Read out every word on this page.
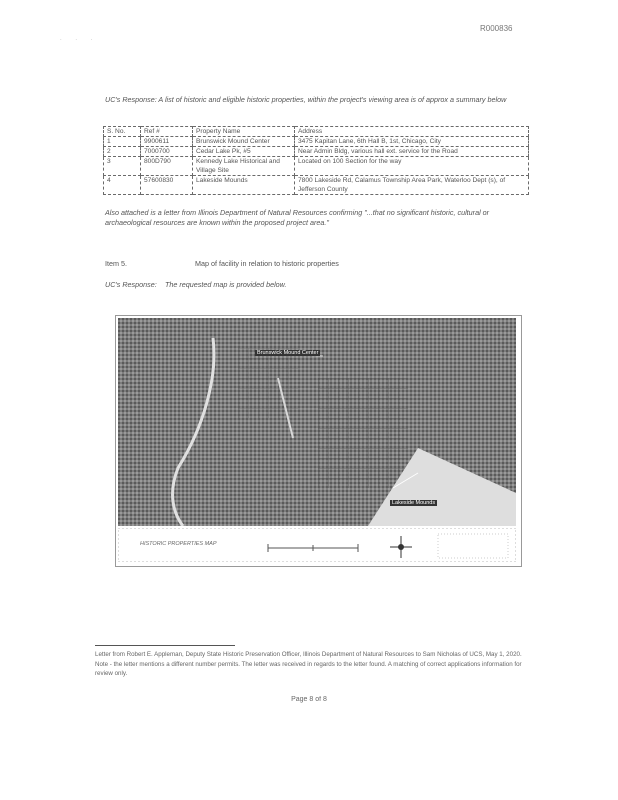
R000836
. . .
UC's Response: A list of historic and eligible historic properties, within the project's viewing area is of approx a summary below
S. No.	Ref #	Property Name	Address
1	9900611	Brunswick Mound Center	3475 Kapitan Lane, 6th Hall B, 1st, Chicago, City
2	7000700	Cedar Lake Pk, #5	Near Admin Bldg, various hall ext. service for the Road
3	800D790	Kennedy Lake Historical and Village Site	Located on 100 Section for the way
4	57600830	Lakeside Mounds	7800 Lakeside Rd, Calamus Township Area Park, Waterloo Dept (s), of Jefferson County
Also attached is a letter from Illinois Department of Natural Resources confirming "...that no significant historic, cultural or archaeological resources are known within the proposed project area."
Item 5.	Map of facility in relation to historic properties
UC's Response: The requested map is provided below.
Brunswick Mound Center
Lakeside Mounds
HISTORIC PROPERTIES MAP
Letter from Robert E. Appleman, Deputy State Historic Preservation Officer, Illinois Department of Natural Resources to Sam Nicholas of UCS, May 1, 2020. Note - the letter mentions a different number permits. The letter was received in regards to the letter found. A matching of correct applications information for review only.
Page 8 of 8
